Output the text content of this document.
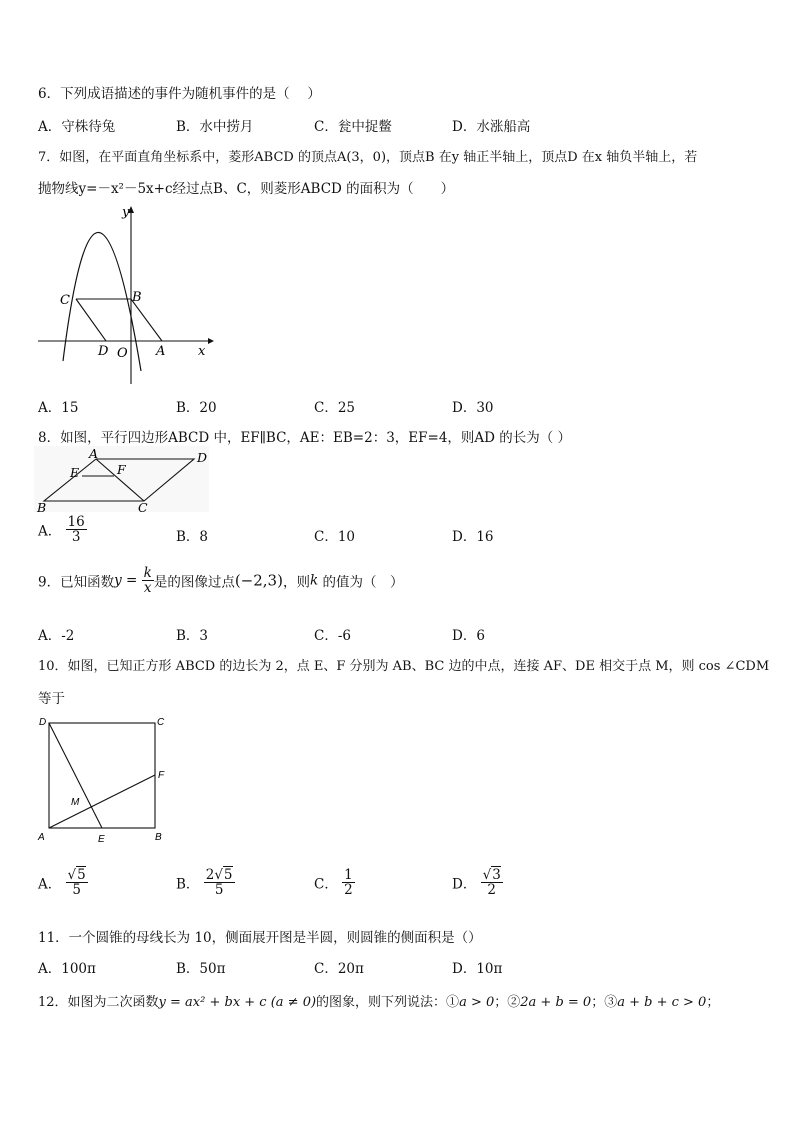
6．下列成语描述的事件为随机事件的是（　 ）
A．守株待兔	B．水中捞月	C．瓮中捉鳖	D．水涨船高
7．如图，在平面直角坐标系中，菱形ABCD 的顶点A(3，0)，顶点B 在y 轴正半轴上，顶点D 在x 轴负半轴上，若
抛物线y=－x²－5x+c经过点B、C，则菱形ABCD 的面积为（　　）
y
x
C	B
D O A
A．15	B．20	C．25	D．30
8．如图，平行四边形ABCD 中，EF∥BC，AE：EB=2：3，EF=4，则AD 的长为（ ）
A	D
E	F
B	C
A． $\frac{16}{3}$	B．8	C．10	D．16
9．已知函数$y = \frac{k}{x}$ 是的图像过点(−2,3)，则k 的值为（　）
A．-2	B．3	C．-6	D．6
10．如图，已知正方形 ABCD 的边长为 2，点 E、F 分别为 AB、BC 边的中点，连接 AF、DE 相交于点 M，则 cos ∠CDM
等于
D	C
F
M
A	E	B
A． $\frac{√5}{5}$	B． $\frac{2√5}{5}$	C． $\frac{1}{2}$	D． $\frac{√3}{2}$
11．一个圆锥的母线长为 10，侧面展开图是半圆，则圆锥的侧面积是（）
A．100π	B．50π	C．20π	D．10π
12．如图为二次函数y = ax² + bx + c (a ≠ 0)的图象，则下列说法：①a > 0；②2a + b = 0；③a + b + c > 0；
